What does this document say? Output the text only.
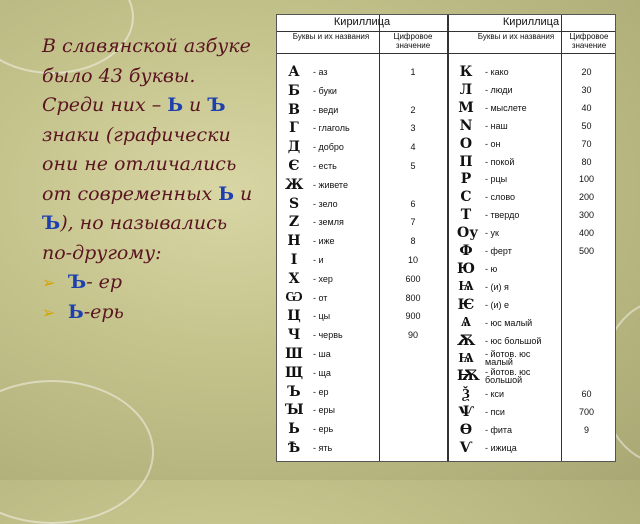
В славянской азбуке

было 43 буквы.

Среди них – Ь и Ъ

знаки (графически

они не отличались

от современных Ь и

Ъ), но назывались

по-другому:

➢ Ъ - ер
➢ Ь -ерь
Кириллица	Кириллица
Буквы и их названия	Цифровое значение
Буквы и их названия	Цифровое значение
А	- аз	1
Б	- буки
В	- веди	2
Г	- глаголь	3
Д	- добро	4
Є	- есть	5
Ж - живете
Ѕ	- зело	6
Ζ	- земля	7
Н - иже	8
І	- и	10
Х	- хер	600
Ѡ - от	800
Ц - цы	900
Ч - червь	90
Ш - ша
Щ - ща
Ъ - ер
Ꙑ - еры
Ь	- ерь
Ѣ	- ять
К - како	20
Л	- люди	30
М - мыслете	40
N - наш	50
О	- он	70
П - покой	80
Р	- рцы	100
С	- слово	200
Т	- твердо	300
Оу - ук	400
Ф - ферт	500
Ю - ю
Ѩ - (и) я
Ѥ - (и) е
Ѧ	- юс малый
Ѫ - юс большой
Ѩ - йотов. юс малый
Ѭ - йотов. юс большой
Ѯ	- кси	60
Ѱ - пси	700
Ѳ	- фита	9
Ѵ - ижица
